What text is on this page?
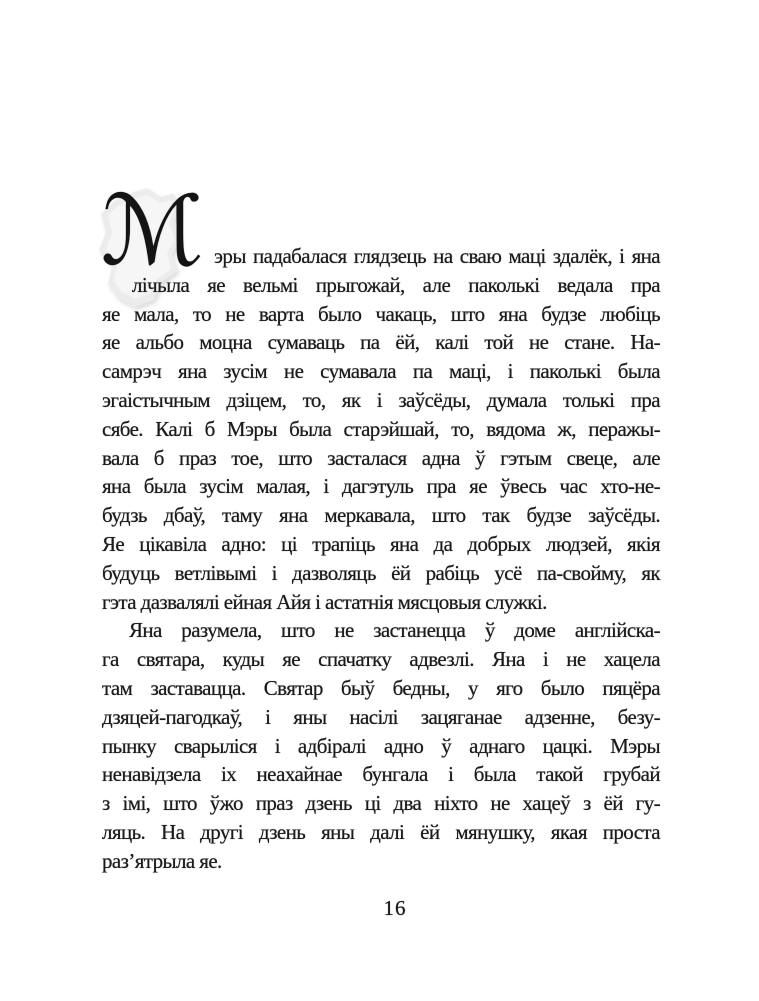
ℳ эры падабалася глядзець на сваю маці здалёк, і яна
лічыла яе вельмі прыгожай, але паколькі ведала пра
яе мала, то не варта было чакаць, што яна будзе любіць
яе альбо моцна сумаваць па ёй, калі той не стане. На-
самрэч яна зусім не сумавала па маці, і паколькі была
эгаістычным дзіцем, то, як і заўсёды, думала толькі пра
сябе. Калі б Мэры была старэйшай, то, вядома ж, перажы-
вала б праз тое, што засталася адна ў гэтым свеце, але
яна была зусім малая, і дагэтуль пра яе ўвесь час хто-не-
будзь дбаў, таму яна меркавала, што так будзе заўсёды.
Яе цікавіла адно: ці трапіць яна да добрых людзей, якія
будуць ветлівымі і дазволяць ёй рабіць усё па-свойму, як
гэта дазвалялі ейная Айя і астатнія мясцовыя служкі.
Яна разумела, што не застанецца ў доме англійска-
га святара, куды яе спачатку адвезлі. Яна і не хацела
там заставацца. Святар быў бедны, у яго было пяцёра
дзяцей-пагодкаў, і яны насілі зацяганае адзенне, безу-
пынку сварыліся і адбіралі адно ў аднаго цацкі. Мэры
ненавідзела іх неахайнае бунгала і была такой грубай
з імі, што ўжо праз дзень ці два ніхто не хацеў з ёй гу-
ляць. На другі дзень яны далі ёй мянушку, якая проста
раз’ятрыла яе.
16
